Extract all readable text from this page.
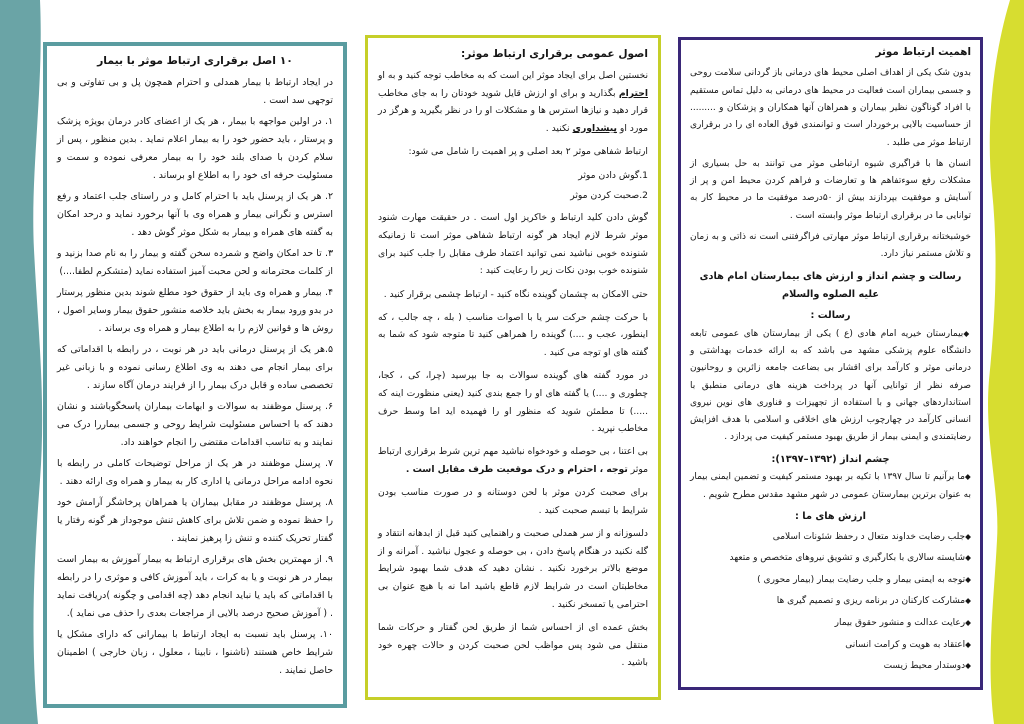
۱۰ اصل برقراری ارتباط موثر با بیمار

در ایجاد ارتباط با بیمار همدلی و احترام همچون پل و بی تفاوتی و بی توجهی سد است .

۱. در اولین مواجهه با بیمار ، هر یک از اعضای کادر درمان بویژه پزشک و پرستار ، باید حضور خود را به بیمار اعلام نماید . بدین منظور ، پس از سلام کردن با صدای بلند خود را به بیمار معرفی نموده و سمت و مسئولیت حرفه ای خود را به اطلاع او برساند .

۲. هر یک از پرسنل باید با احترام کامل و در راستای جلب اعتماد و رفع استرس و نگرانی بیمار و همراه وی با آنها برخورد نماید و درحد امکان به گفته های همراه و بیمار به شکل موثر گوش دهد .

۳. تا حد امکان واضح و شمرده سخن گفته و بیمار را به نام صدا بزنید و از کلمات محترمانه و لحن محبت آمیز استفاده نماید (متشکرم لطفا....)

۴. بیمار و همراه وی باید از حقوق خود مطلع شوند بدین منظور پرستار در بدو ورود بیمار به بخش باید خلاصه منشور حقوق بیمار وسایر اصول ، روش ها و قوانین لازم را به اطلاع بیمار و همراه وی برساند .

۵.هر یک از پرسنل درمانی باید در هر نوبت ، در رابطه با اقداماتی که برای بیمار انجام می دهند به وی اطلاع رسانی نموده و با زبانی غیر تخصصی ساده و قابل درک بیمار را از فرایند درمان آگاه سازند .

۶. پرسنل موظفند به سوالات و ابهامات بیماران پاسخگوباشند و نشان دهند که با احساس مسئولیت شرایط روحی و جسمی بیماررا درک می نمایند و به تناسب اقدامات مقتضی را انجام خواهند داد.

۷. پرسنل موظفند در هر یک از مراحل توضیحات کاملی در رابطه با نحوه ادامه مراحل درمانی یا اداری کار به بیمار و همراه وی ارائه دهند .

۸. پرسنل موظفند در مقابل بیماران یا همراهان پرخاشگر آرامش خود را حفظ نموده و ضمن تلاش برای کاهش تنش موجوداز هر گونه رفتار یا گفتار تحریک کننده و تنش زا پرهیز نمایند .

۹. از مهمترین بخش های برقراری ارتباط به بیمار آموزش به بیمار است بیمار در هر نوبت و یا به کرات ، باید آموزش کافی و موثری را در رابطه با اقداماتی که باید یا نباید انجام دهد (چه اقدامی و چگونه )دریافت نماید . ( آموزش صحیح درصد بالایی از مراجعات بعدی را حذف می نماید ).

۱۰. پرسنل باید نسبت به ایجاد ارتباط با بیمارانی که دارای مشکل یا شرایط خاص هستند (ناشنوا ، نابینا ، معلول ، زبان خارجی ) اطمینان حاصل نمایند .

اصول عمومی برقراری ارتباط موثر:

نخستین اصل برای ایجاد موثر این است که به مخاطب توجه کنید و به او احترام بگذارید و برای او ارزش قایل شوید خودتان را به جای مخاطب قرار دهید و نیازها استرس ها و مشکلات او را در نظر بگیرید و هرگز در مورد او پیشداوری نکنید .

ارتباط شفاهی موثر ۲ بعد اصلی و پر اهمیت را شامل می شود:

1.گوش دادن موثر
2.صحبت کردن موثر

گوش دادن کلید ارتباط و خاکریز اول است . در حقیقت مهارت شنود موثر شرط لازم ایجاد هر گونه ارتباط شفاهی موثر است تا زمانیکه شنونده خوبی نباشید نمی توانید اعتماد طرف مقابل را جلب کنید برای شنونده خوب بودن نکات زیر را رعایت کنید :

حتی الامکان به چشمان گوینده نگاه کنید - ارتباط چشمی برقرار کنید .

با حرکت چشم حرکت سر یا با اصوات مناسب ( بله ، چه جالب ، که اینطور، عجب و ....) گوینده را همراهی کنید تا متوجه شود که شما به گفته های او توجه می کنید .

در مورد گفته های گوینده سوالات به جا بپرسید (چرا، کی ، کجا، چطوری و ....) یا گفته های او را جمع بندی کنید (یعنی منظورت اینه که .....) تا مطمئن شوید که منظور او را فهمیده اید اما وسط حرف مخاطب نپرید .

بی اعتنا ، بی حوصله و خودخواه نباشید مهم ترین شرط برقراری ارتباط موثر توجه ، احترام و درک موقعیت طرف مقابل است .

برای صحبت کردن موثر با لحن دوستانه و در صورت مناسب بودن شرایط با تبسم صحبت کنید .

دلسوزانه و از سر همدلی صحبت و راهنمایی کنید قبل از ابدهانه انتقاد و گله نکنید در هنگام پاسخ دادن ، بی حوصله و عجول نباشید . آمرانه و از موضع بالاتر برخورد نکنید . نشان دهید که هدف شما بهبود شرایط مخاطبتان است در شرایط لازم قاطع باشید اما نه با هیچ عنوان بی احترامی یا تمسخر نکنید .

بخش عمده ای از احساس شما از طریق لحن گفتار و حرکات شما منتقل می شود پس مواظب لحن صحبت کردن و حالات چهره خود باشید .

اهمیت ارتباط موثر

بدون شک یکی از اهداف اصلی محیط های درمانی باز گردانی سلامت روحی و جسمی بیماران است فعالیت در محیط های درمانی به دلیل تماس مستقیم با افراد گوناگون نظیر بیماران و همراهان آنها همکاران و پزشکان و ......... از حساسیت بالایی برخوردار است و توانمندی فوق العاده ای را در برقراری ارتباط موثر می طلبد .

انسان ها با فراگیری شیوه ارتباطی موثر می توانند به حل بسیاری از مشکلات رفع سوءتفاهم ها و تعارضات و فراهم کردن محیط امن و پر از آسایش و موفقیت بپردازند بیش از ۵۰درصد موفقیت ما در محیط کار به توانایی ما در برقراری ارتباط موثر وابسته است .

خوشبختانه برقراری ارتباط موثر مهارتی فراگرفتنی است نه ذاتی و به زمان و تلاش مستمر نیاز دارد.

رسالت و چشم انداز و ارزش های بیمارستان امام هادی علیه الصلوه والسلام
رسالت :

◆ بیمارستان خیریه امام هادی (ع ) یکی از بیمارستان های عمومی تابعه دانشگاه علوم پزشکی مشهد می باشد که به ارائه خدمات بهداشتی و درمانی موثر و کارآمد برای اقشار بی بضاعت جامعه زائرین و روحانیون صرفه نظر از توانایی آنها در پرداخت هزینه های درمانی منطبق با استانداردهای جهانی و با استفاده از تجهیزات و فناوری های نوین نیروی انسانی کارآمد در چهارچوب ارزش های اخلاقی و اسلامی با هدف افزایش رضایتمندی و ایمنی بیمار از طریق بهبود مستمر کیفیت می پردازد .

چشم انداز (۱۳۹۲–۱۳۹۷):

◆ ما برآنیم تا سال ۱۳۹۷ با تکیه بر بهبود مستمر کیفیت و تضمین ایمنی بیمار به عنوان برترین بیمارستان عمومی در شهر مشهد مقدس مطرح شویم .

ارزش های ما :
◆ جلب رضایت خداوند متعال د رحفظ شئونات اسلامی
◆ شایسته سالاری با بکارگیری و تشویق نیروهای متخصص و متعهد
◆ توجه به ایمنی بیمار و جلب رضایت بیمار (بیمار محوری )
◆ مشارکت کارکنان در برنامه ریزی و تصمیم گیری ها
◆ رعایت عدالت و منشور حقوق بیمار
◆ اعتقاد به هویت و کرامت انسانی
◆ دوستدار محیط زیست
